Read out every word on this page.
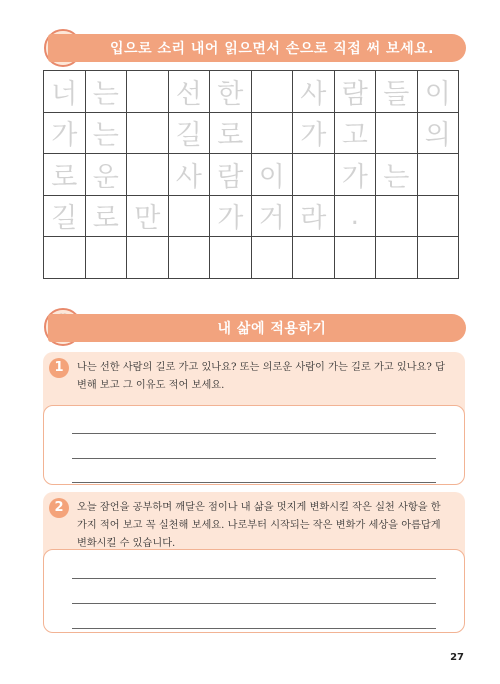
입으로 소리 내어 읽으면서 손으로 직접 써 보세요.
너	는		선	한		사	람	들	이
가	는		길	로		가	고		의
로	운		사	람	이		가	는	
길	로	만		가	거	라	.		

내 삶에 적용하기
1	나는 선한 사람의 길로 가고 있나요? 또는 의로운 사람이 가는 길로 가고 있나요? 답
변해 보고 그 이유도 적어 보세요.
2	오늘 잠언을 공부하며 깨달은 점이나 내 삶을 멋지게 변화시킬 작은 실천 사항을 한
가지 적어 보고 꼭 실천해 보세요. 나로부터 시작되는 작은 변화가 세상을 아름답게
변화시킬 수 있습니다.
27
